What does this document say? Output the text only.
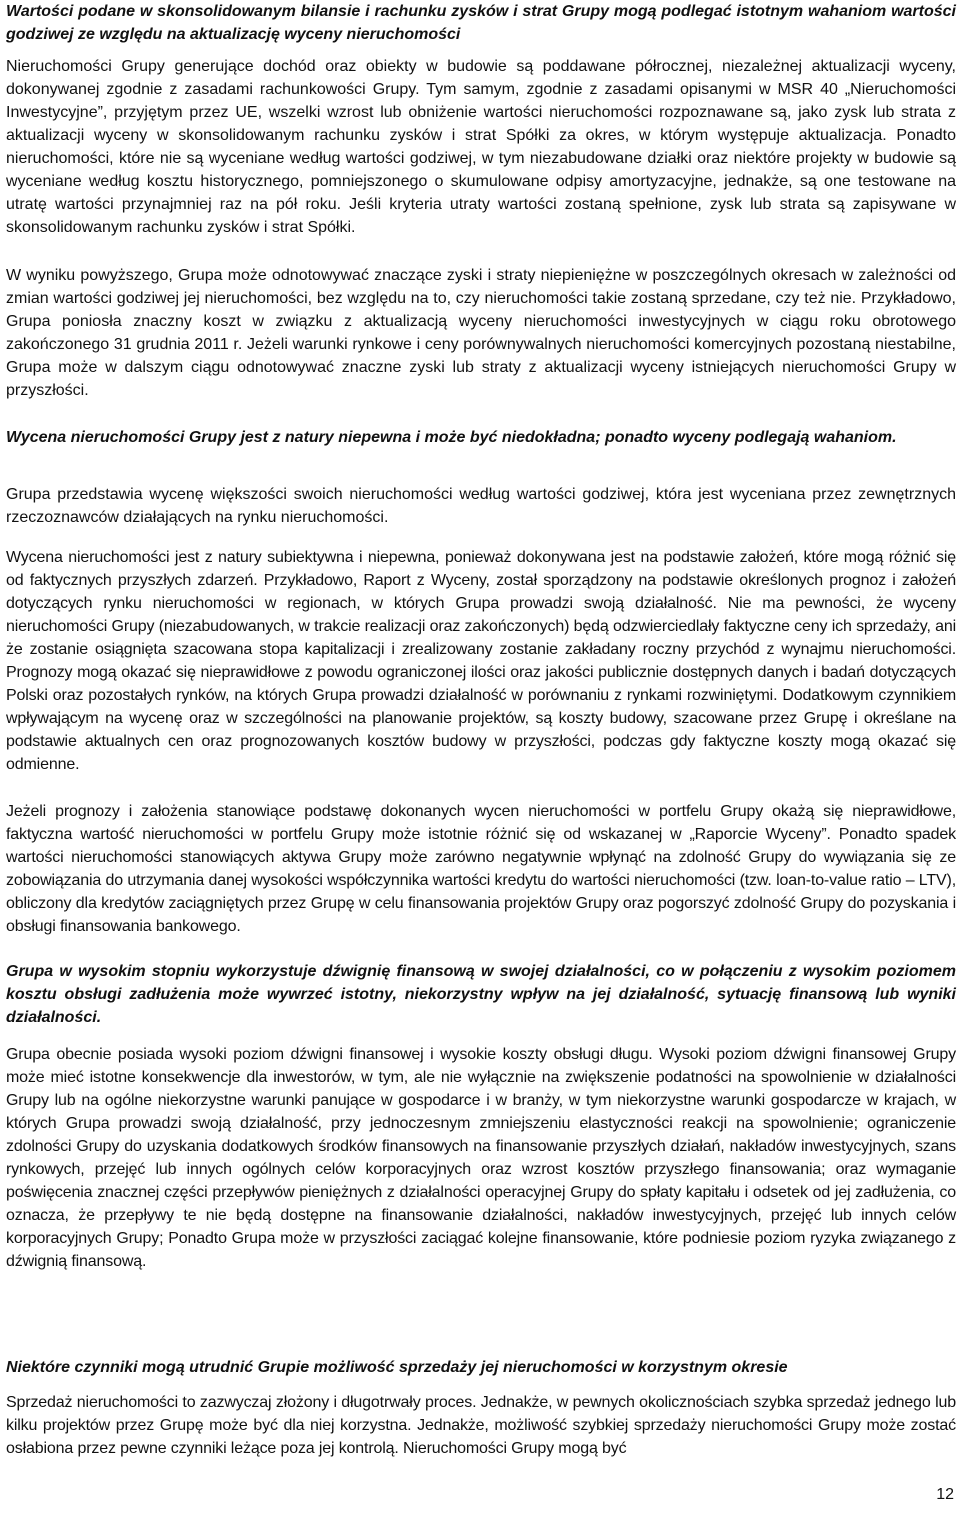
Wartości podane w skonsolidowanym bilansie i rachunku zysków i strat Grupy mogą podlegać istotnym wahaniom wartości godziwej ze względu na aktualizację wyceny nieruchomości

Nieruchomości Grupy generujące dochód oraz obiekty w budowie są poddawane półrocznej, niezależnej aktualizacji wyceny, dokonywanej zgodnie z zasadami rachunkowości Grupy. Tym samym, zgodnie z zasadami opisanymi w MSR 40 „Nieruchomości Inwestycyjne”, przyjętym przez UE, wszelki wzrost lub obniżenie wartości nieruchomości rozpoznawane są, jako zysk lub strata z aktualizacji wyceny w skonsolidowanym rachunku zysków i strat Spółki za okres, w którym występuje aktualizacja. Ponadto nieruchomości, które nie są wyceniane według wartości godziwej, w tym niezabudowane działki oraz niektóre projekty w budowie są wyceniane według kosztu historycznego, pomniejszonego o skumulowane odpisy amortyzacyjne, jednakże, są one testowane na utratę wartości przynajmniej raz na pół roku. Jeśli kryteria utraty wartości zostaną spełnione, zysk lub strata są zapisywane w skonsolidowanym rachunku zysków i strat Spółki.

W wyniku powyższego, Grupa może odnotowywać znaczące zyski i straty niepieniężne w poszczególnych okresach w zależności od zmian wartości godziwej jej nieruchomości, bez względu na to, czy nieruchomości takie zostaną sprzedane, czy też nie. Przykładowo, Grupa poniosła znaczny koszt w związku z aktualizacją wyceny nieruchomości inwestycyjnych w ciągu roku obrotowego zakończonego 31 grudnia 2011 r. Jeżeli warunki rynkowe i ceny porównywalnych nieruchomości komercyjnych pozostaną niestabilne, Grupa może w dalszym ciągu odnotowywać znaczne zyski lub straty z aktualizacji wyceny istniejących nieruchomości Grupy w przyszłości.

Wycena nieruchomości Grupy jest z natury niepewna i może być niedokładna; ponadto wyceny podlegają wahaniom.

Grupa przedstawia wycenę większości swoich nieruchomości według wartości godziwej, która jest wyceniana przez zewnętrznych rzeczoznawców działających na rynku nieruchomości.

Wycena nieruchomości jest z natury subiektywna i niepewna, ponieważ dokonywana jest na podstawie założeń, które mogą różnić się od faktycznych przyszłych zdarzeń. Przykładowo, Raport z Wyceny, został sporządzony na podstawie określonych prognoz i założeń dotyczących rynku nieruchomości w regionach, w których Grupa prowadzi swoją działalność. Nie ma pewności, że wyceny nieruchomości Grupy (niezabudowanych, w trakcie realizacji oraz zakończonych) będą odzwierciedlały faktyczne ceny ich sprzedaży, ani że zostanie osiągnięta szacowana stopa kapitalizacji i zrealizowany zostanie zakładany roczny przychód z wynajmu nieruchomości. Prognozy mogą okazać się nieprawidłowe z powodu ograniczonej ilości oraz jakości publicznie dostępnych danych i badań dotyczących Polski oraz pozostałych rynków, na których Grupa prowadzi działalność w porównaniu z rynkami rozwiniętymi. Dodatkowym czynnikiem wpływającym na wycenę oraz w szczególności na planowanie projektów, są koszty budowy, szacowane przez Grupę i określane na podstawie aktualnych cen oraz prognozowanych kosztów budowy w przyszłości, podczas gdy faktyczne koszty mogą okazać się odmienne.

Jeżeli prognozy i założenia stanowiące podstawę dokonanych wycen nieruchomości w portfelu Grupy okażą się nieprawidłowe, faktyczna wartość nieruchomości w portfelu Grupy może istotnie różnić się od wskazanej w „Raporcie Wyceny”. Ponadto spadek wartości nieruchomości stanowiących aktywa Grupy może zarówno negatywnie wpłynąć na zdolność Grupy do wywiązania się ze zobowiązania do utrzymania danej wysokości współczynnika wartości kredytu do wartości nieruchomości (tzw. loan-to-value ratio – LTV), obliczony dla kredytów zaciągniętych przez Grupę w celu finansowania projektów Grupy oraz pogorszyć zdolność Grupy do pozyskania i obsługi finansowania bankowego.

Grupa w wysokim stopniu wykorzystuje dźwignię finansową w swojej działalności, co w połączeniu z wysokim poziomem kosztu obsługi zadłużenia może wywrzeć istotny, niekorzystny wpływ na jej działalność, sytuację finansową lub wyniki działalności.

Grupa obecnie posiada wysoki poziom dźwigni finansowej i wysokie koszty obsługi długu. Wysoki poziom dźwigni finansowej Grupy może mieć istotne konsekwencje dla inwestorów, w tym, ale nie wyłącznie na zwiększenie podatności na spowolnienie w działalności Grupy lub na ogólne niekorzystne warunki panujące w gospodarce i w branży, w tym niekorzystne warunki gospodarcze w krajach, w których Grupa prowadzi swoją działalność, przy jednoczesnym zmniejszeniu elastyczności reakcji na spowolnienie; ograniczenie zdolności Grupy do uzyskania dodatkowych środków finansowych na finansowanie przyszłych działań, nakładów inwestycyjnych, szans rynkowych, przejęć lub innych ogólnych celów korporacyjnych oraz wzrost kosztów przyszłego finansowania; oraz wymaganie poświęcenia znacznej części przepływów pieniężnych z działalności operacyjnej Grupy do spłaty kapitału i odsetek od jej zadłużenia, co oznacza, że przepływy te nie będą dostępne na finansowanie działalności, nakładów inwestycyjnych, przejęć lub innych celów korporacyjnych Grupy; Ponadto Grupa może w przyszłości zaciągać kolejne finansowanie, które podniesie poziom ryzyka związanego z dźwignią finansową.

Niektóre czynniki mogą utrudnić Grupie możliwość sprzedaży jej nieruchomości w korzystnym okresie

Sprzedaż nieruchomości to zazwyczaj złożony i długotrwały proces. Jednakże, w pewnych okolicznościach szybka sprzedaż jednego lub kilku projektów przez Grupę może być dla niej korzystna. Jednakże, możliwość szybkiej sprzedaży nieruchomości Grupy może zostać osłabiona przez pewne czynniki leżące poza jej kontrolą. Nieruchomości Grupy mogą być

12
